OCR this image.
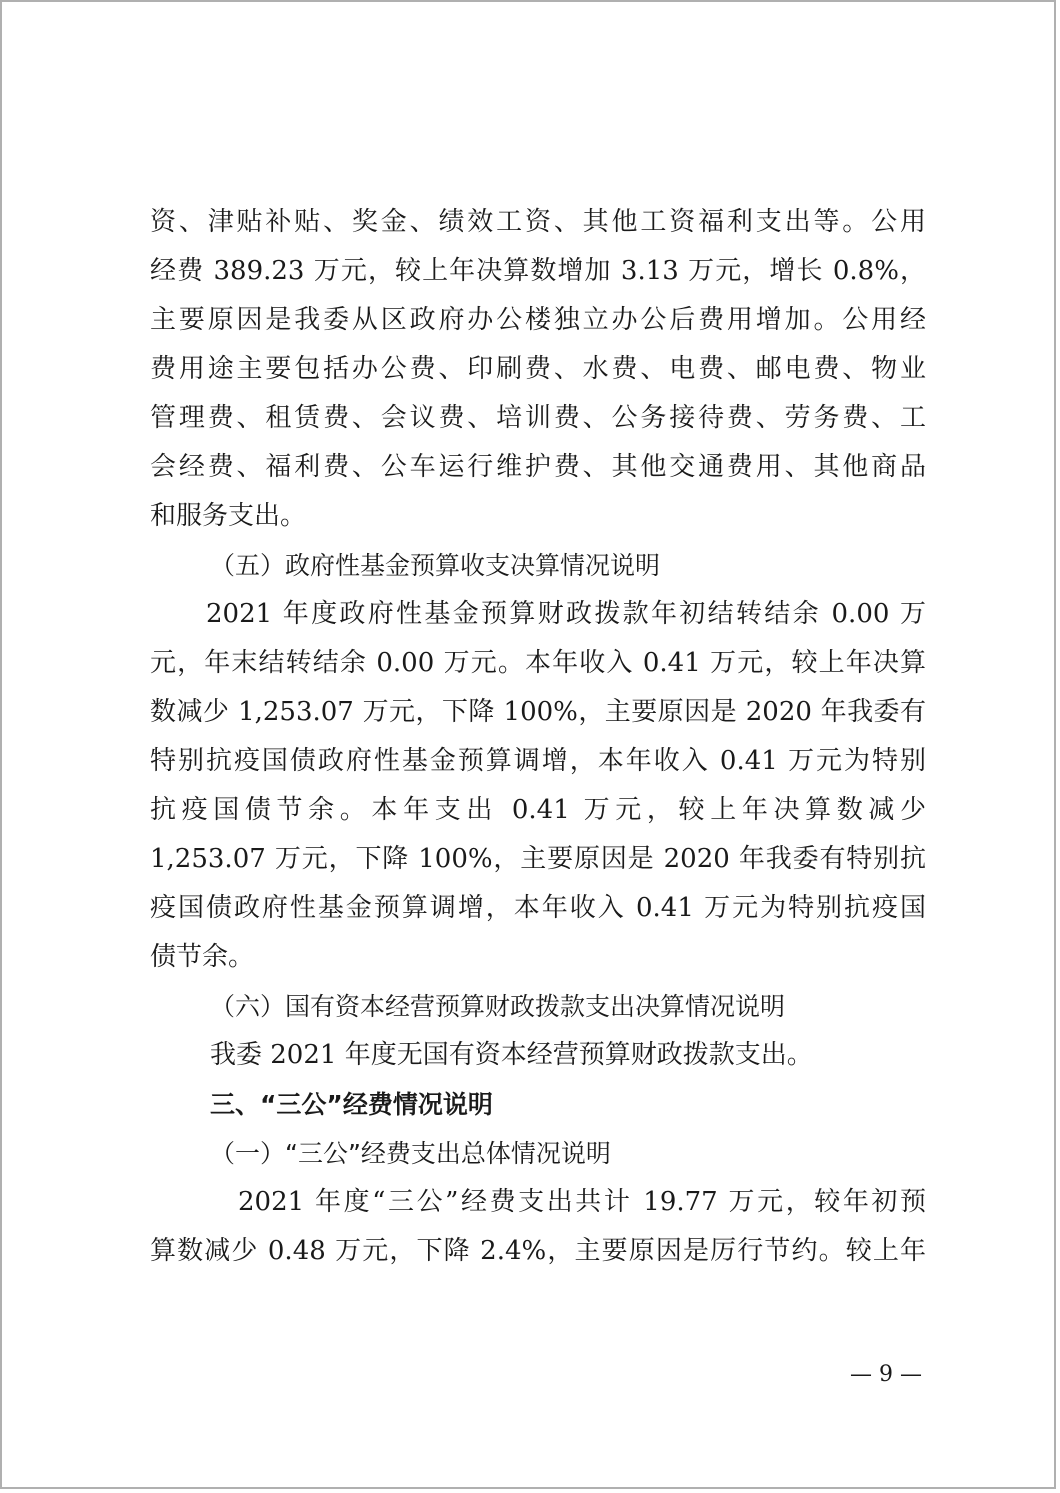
资、津贴补贴、奖金、绩效工资、其他工资福利支出等。公用
经费 389.23 万元，较上年决算数增加 3.13 万元，增长 0.8%，
主要原因是我委从区政府办公楼独立办公后费用增加。公用经
费用途主要包括办公费、印刷费、水费、电费、邮电费、物业
管理费、租赁费、会议费、培训费、公务接待费、劳务费、工
会经费、福利费、公车运行维护费、其他交通费用、其他商品
和服务支出。
（五）政府性基金预算收支决算情况说明
2021 年度政府性基金预算财政拨款年初结转结余 0.00 万
元，年末结转结余 0.00 万元。本年收入 0.41 万元，较上年决算
数减少 1,253.07 万元，下降 100%，主要原因是 2020 年我委有
特别抗疫国债政府性基金预算调增，本年收入 0.41 万元为特别
抗疫国债节余。本年支出 0.41 万元，较上年决算数减少
1,253.07 万元，下降 100%，主要原因是 2020 年我委有特别抗
疫国债政府性基金预算调增，本年收入 0.41 万元为特别抗疫国
债节余。
（六）国有资本经营预算财政拨款支出决算情况说明
我委 2021 年度无国有资本经营预算财政拨款支出。
三、“三公”经费情况说明
（一）“三公”经费支出总体情况说明
2021 年度“三公”经费支出共计 19.77 万元，较年初预
算数减少 0.48 万元，下降 2.4%，主要原因是厉行节约。较上年
— 9 —
